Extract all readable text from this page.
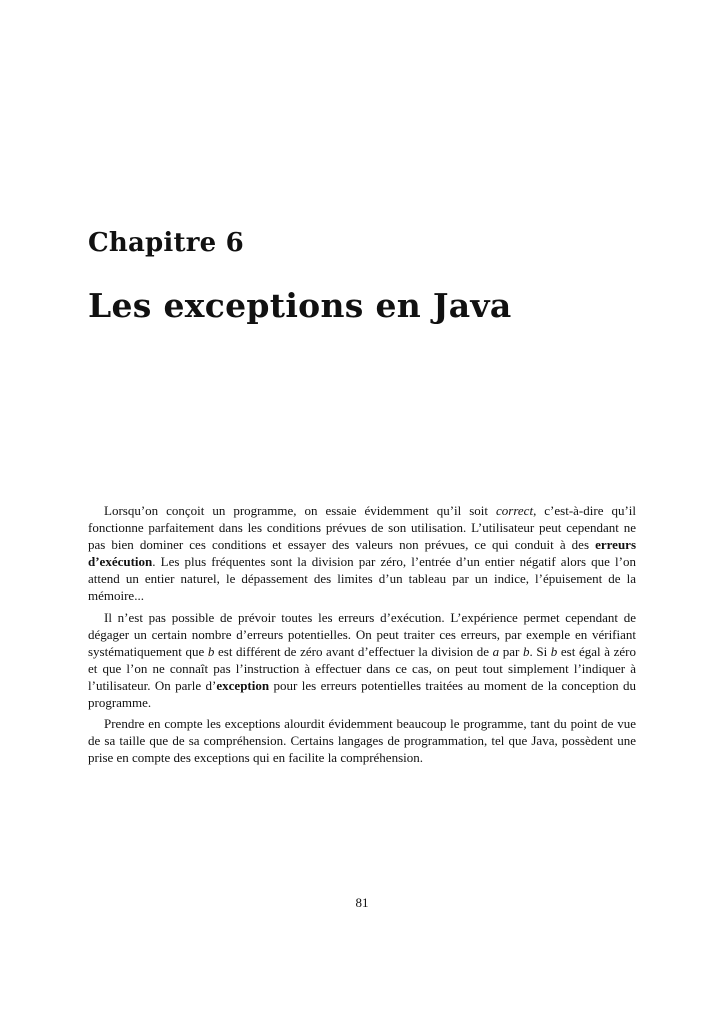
Chapitre 6
Les exceptions en Java

Lorsqu’on conçoit un programme, on essaie évidemment qu’il soit correct, c’est-à-dire qu’il fonctionne parfaitement dans les conditions prévues de son utilisation. L’utilisateur peut cependant ne pas bien dominer ces conditions et essayer des valeurs non prévues, ce qui conduit à des erreurs d’exécution. Les plus fréquentes sont la division par zéro, l’entrée d’un entier négatif alors que l’on attend un entier naturel, le dépassement des limites d’un tableau par un indice, l’épuisement de la mémoire...

Il n’est pas possible de prévoir toutes les erreurs d’exécution. L’expérience permet cependant de dégager un certain nombre d’erreurs potentielles. On peut traiter ces erreurs, par exemple en vérifiant systématiquement que b est différent de zéro avant d’effectuer la division de a par b. Si b est égal à zéro et que l’on ne connaît pas l’instruction à effectuer dans ce cas, on peut tout simplement l’indiquer à l’utilisateur. On parle d’exception pour les erreurs potentielles traitées au moment de la conception du programme.

Prendre en compte les exceptions alourdit évidemment beaucoup le programme, tant du point de vue de sa taille que de sa compréhension. Certains langages de programmation, tel que Java, possèdent une prise en compte des exceptions qui en facilite la compréhension.

81
